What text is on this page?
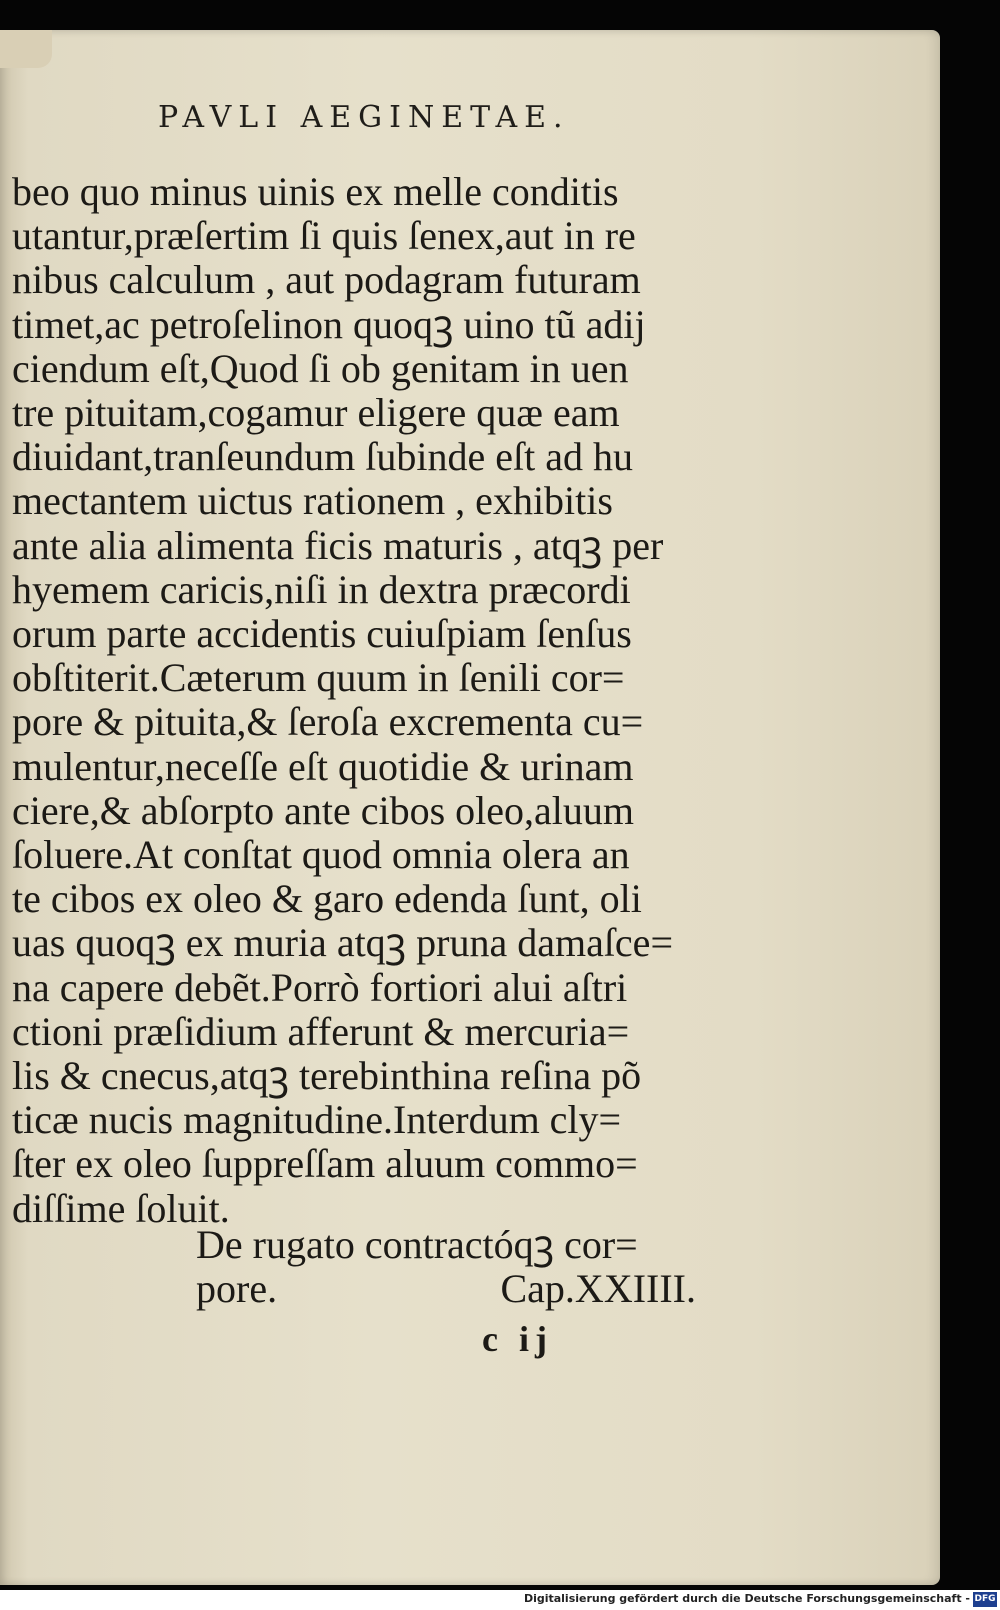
PAVLI AEGINETAE.
beo quo minus uinis ex melle conditis
utantur,præſertim ſi quis ſenex,aut in re
nibus calculum , aut podagram futuram
timet,ac petroſelinon quoqꝫ uino tũ adij
ciendum eſt,Quod ſi ob genitam in uen
tre pituitam,cogamur eligere quæ eam
diuidant,tranſeundum ſubinde eſt ad hu
mectantem uictus rationem , exhibitis
ante alia alimenta ficis maturis , atqꝫ per
hyemem caricis,niſi in dextra præcordi
orum parte accidentis cuiuſpiam ſenſus
obſtiterit.Cæterum quum in ſenili cor=
pore & pituita,& ſeroſa excrementa cu=
mulentur,neceſſe eſt quotidie & urinam
ciere,& abſorpto ante cibos oleo,aluum
ſoluere.At conſtat quod omnia olera an
te cibos ex oleo & garo edenda ſunt, oli
uas quoqꝫ ex muria atqꝫ pruna damaſce=
na capere debẽt.Porrò fortiori alui aſtri
ctioni præſidium afferunt & mercuria=
lis & cnecus,atqꝫ terebinthina reſina põ
ticæ nucis magnitudine.Interdum cly=
ſter ex oleo ſuppreſſam aluum commo=
diſſime ſoluit.
De rugato contractóqꝫ cor=
pore.	Cap.XXIIII.
c ij
Digitalisierung gefördert durch die Deutsche Forschungsgemeinschaft - DFG
